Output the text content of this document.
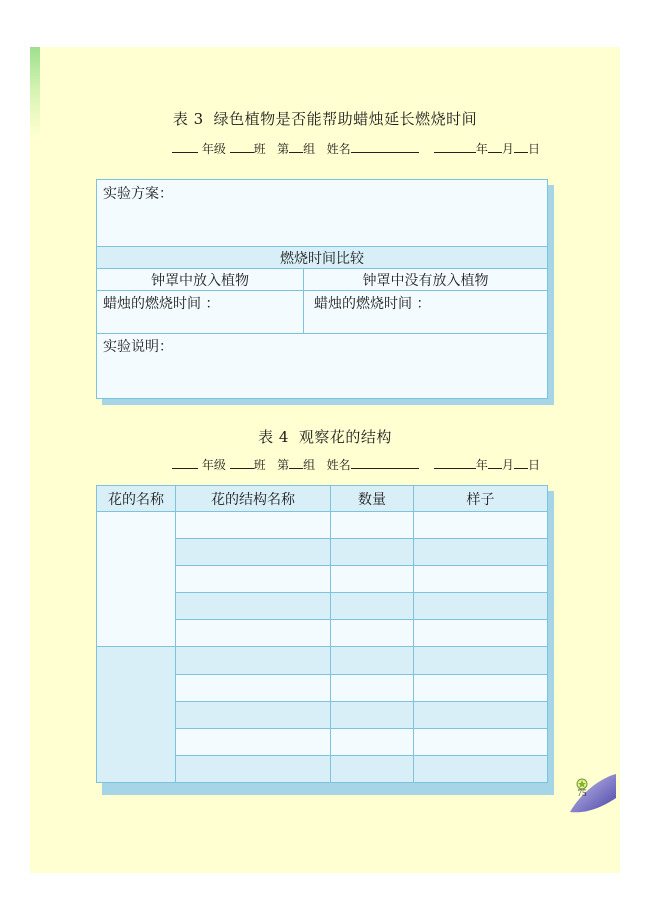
表 3 绿色植物是否能帮助蜡烛延长燃烧时间
年级 班 第 组 姓名	年 月 日
实验方案：	
燃烧时间比较	
钟罩中放入植物	钟罩中没有放入植物
蜡烛的燃烧时间 ：	蜡烛的燃烧时间 ：
实验说明：	
表 4 观察花的结构
年级 班 第 组 姓名	年 月 日
花的名称	花的结构名称	数量	样子

75
